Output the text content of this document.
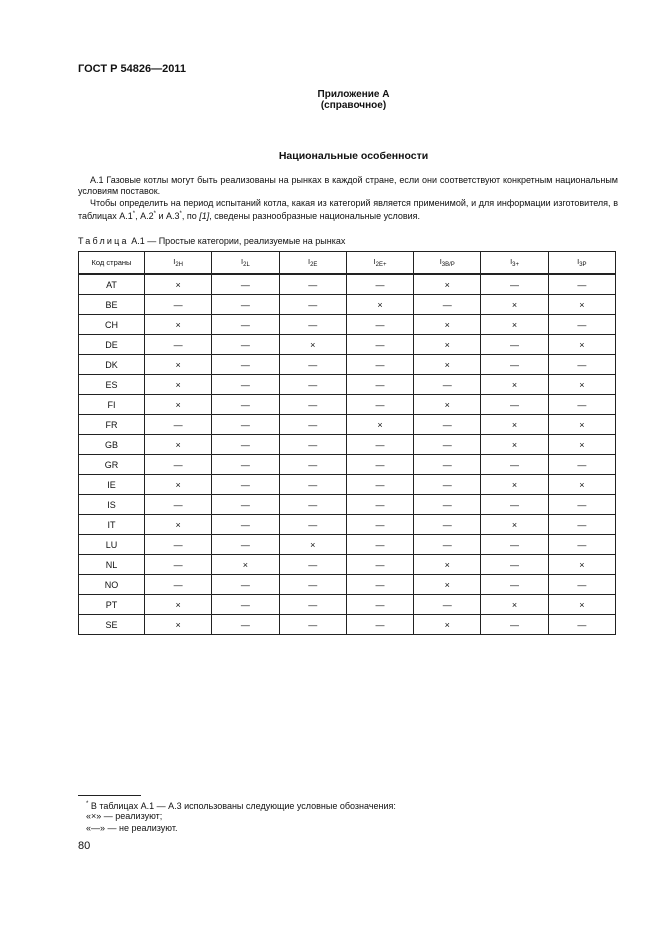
ГОСТ Р 54826—2011
Приложение А
(справочное)
Национальные особенности
А.1 Газовые котлы могут быть реализованы на рынках в каждой стране, если они соответствуют конкретным национальным условиям поставок.
Чтобы определить на период испытаний котла, какая из категорий является применимой, и для информации изготовителя, в таблицах А.1*, А.2* и А.3*, по [1], сведены разнообразные национальные условия.
Таблица А.1 — Простые категории, реализуемые на рынках
Код страны	$I_{2H}$	$I_{2L}$	$I_{2E}$	$I_{2E+}$	$I_{3B/P}$	$I_{3+}$	$I_{3P}$
AT	×	—	—	—	×	—	—
BE	—	—	—	×	—	×	×
CH	×	—	—	—	×	×	—
DE	—	—	×	—	×	—	×
DK	×	—	—	—	×	—	—
ES	×	—	—	—	—	×	×
FI	×	—	—	—	×	—	—
FR	—	—	—	×	—	×	×
GB	×	—	—	—	—	×	×
GR	—	—	—	—	—	—	—
IE	×	—	—	—	—	×	×
IS	—	—	—	—	—	—	—
IT	×	—	—	—	—	×	—
LU	—	—	×	—	—	—	—
NL	—	×	—	—	×	—	×
NO	—	—	—	—	×	—	—
PT	×	—	—	—	—	×	×
SE	×	—	—	—	×	—	—
* В таблицах А.1 — А.3 использованы следующие условные обозначения:
«×» — реализуют;
«—» — не реализуют.
80
